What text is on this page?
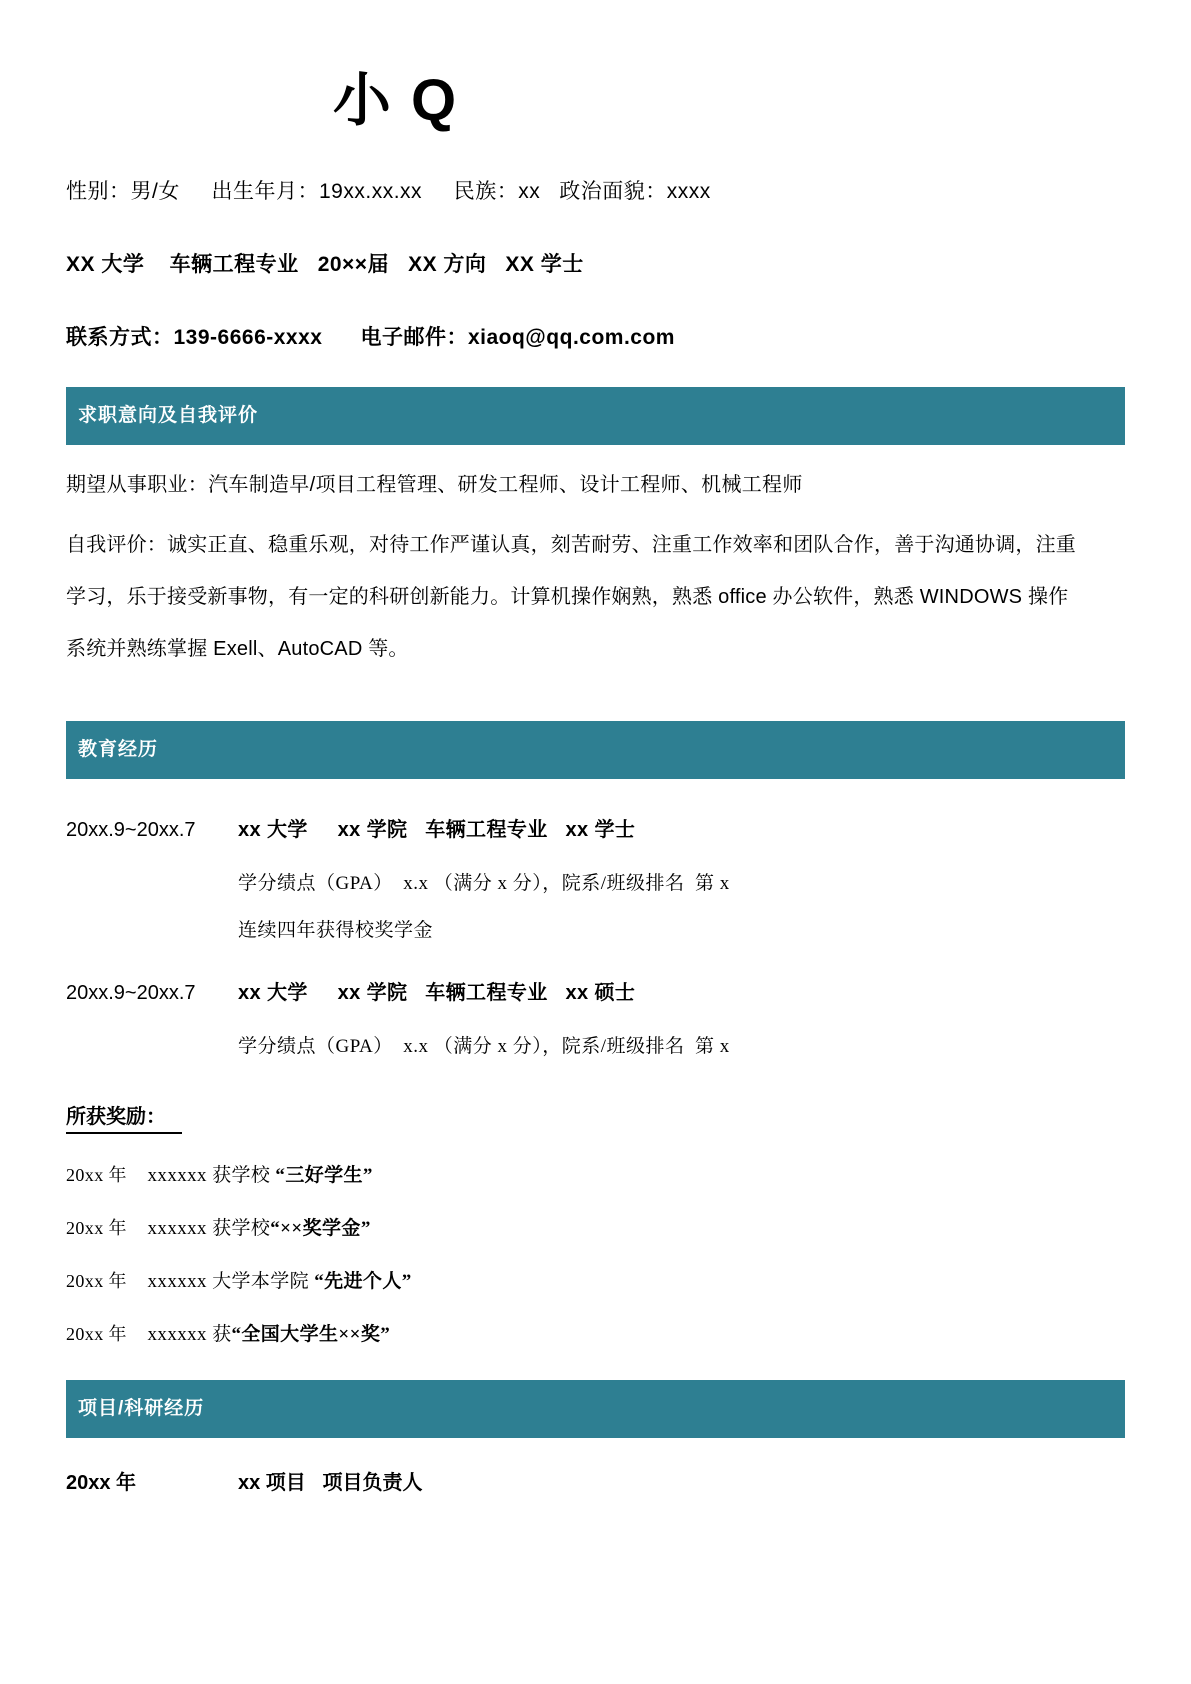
小 Q
性别：男/女     出生年月：19xx.xx.xx     民族：xx   政治面貌：xxxx
XX 大学    车辆工程专业   20××届   XX 方向   XX 学士
联系方式：139-6666-xxxx      电子邮件：xiaoq@qq.com.com
求职意向及自我评价
期望从事职业：汽车制造早/项目工程管理、研发工程师、设计工程师、机械工程师
自我评价：诚实正直、稳重乐观，对待工作严谨认真，刻苦耐劳、注重工作效率和团队合作，善于沟通协调，注重
学习，乐于接受新事物，有一定的科研创新能力。计算机操作娴熟，熟悉 office 办公软件，熟悉 WINDOWS 操作
系统并熟练掌握 Exell、AutoCAD 等。
教育经历
20xx.9~20xx.7	xx 大学     xx 学院   车辆工程专业   xx 学士
学分绩点（GPA）  x.x （满分 x 分），院系/班级排名  第 x
连续四年获得校奖学金
20xx.9~20xx.7	xx 大学     xx 学院   车辆工程专业   xx 硕士
学分绩点（GPA）  x.x （满分 x 分），院系/班级排名  第 x
所获奖励：
20xx 年 xxxxxx 获学校 “三好学生”
20xx 年 xxxxxx 获学校“××奖学金”
20xx 年 xxxxxx 大学本学院 “先进个人”
20xx 年 xxxxxx 获“全国大学生××奖”
项目/科研经历
20xx 年	xx 项目   项目负责人
